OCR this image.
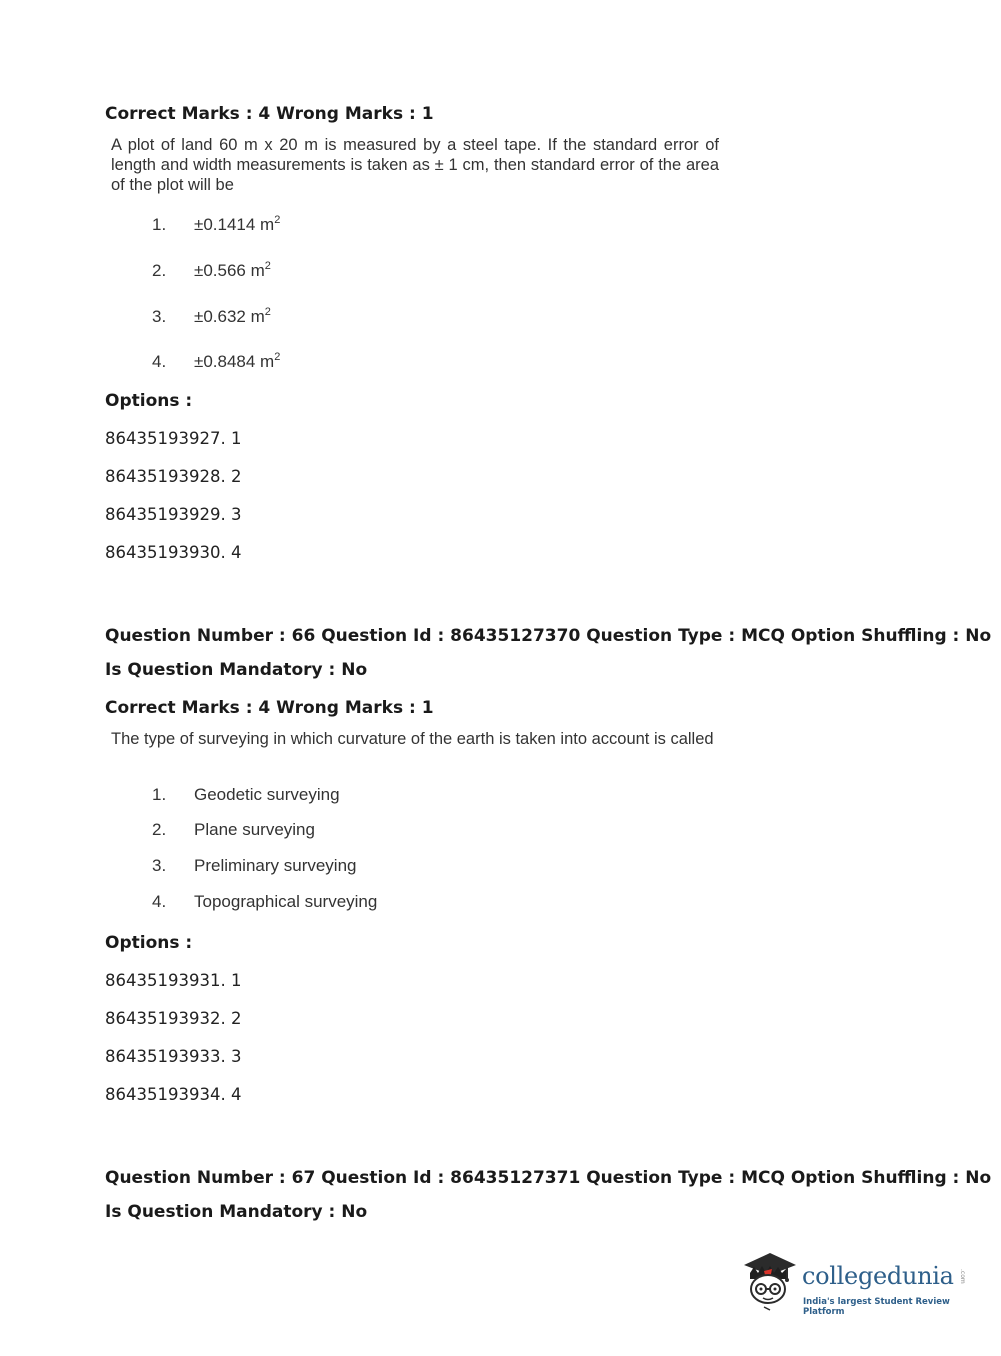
Correct Marks : 4 Wrong Marks : 1
A plot of land 60 m x 20 m is measured by a steel tape. If the standard error of length and width measurements is taken as ± 1 cm, then standard error of the area of the plot will be
1. ±0.1414 $m^2$
2. ±0.566 $m^2$
3. ±0.632 $m^2$
4. ±0.8484 $m^2$
Options :
86435193927. 1
86435193928. 2
86435193929. 3
86435193930. 4
Question Number : 66 Question Id : 86435127370 Question Type : MCQ Option Shuffling : No
Is Question Mandatory : No
Correct Marks : 4 Wrong Marks : 1
The type of surveying in which curvature of the earth is taken into account is called
1. Geodetic surveying
2. Plane surveying
3. Preliminary surveying
4. Topographical surveying
Options :
86435193931. 1
86435193932. 2
86435193933. 3
86435193934. 4
Question Number : 67 Question Id : 86435127371 Question Type : MCQ Option Shuffling : No
Is Question Mandatory : No
collegedunia .com
India's largest Student Review Platform
